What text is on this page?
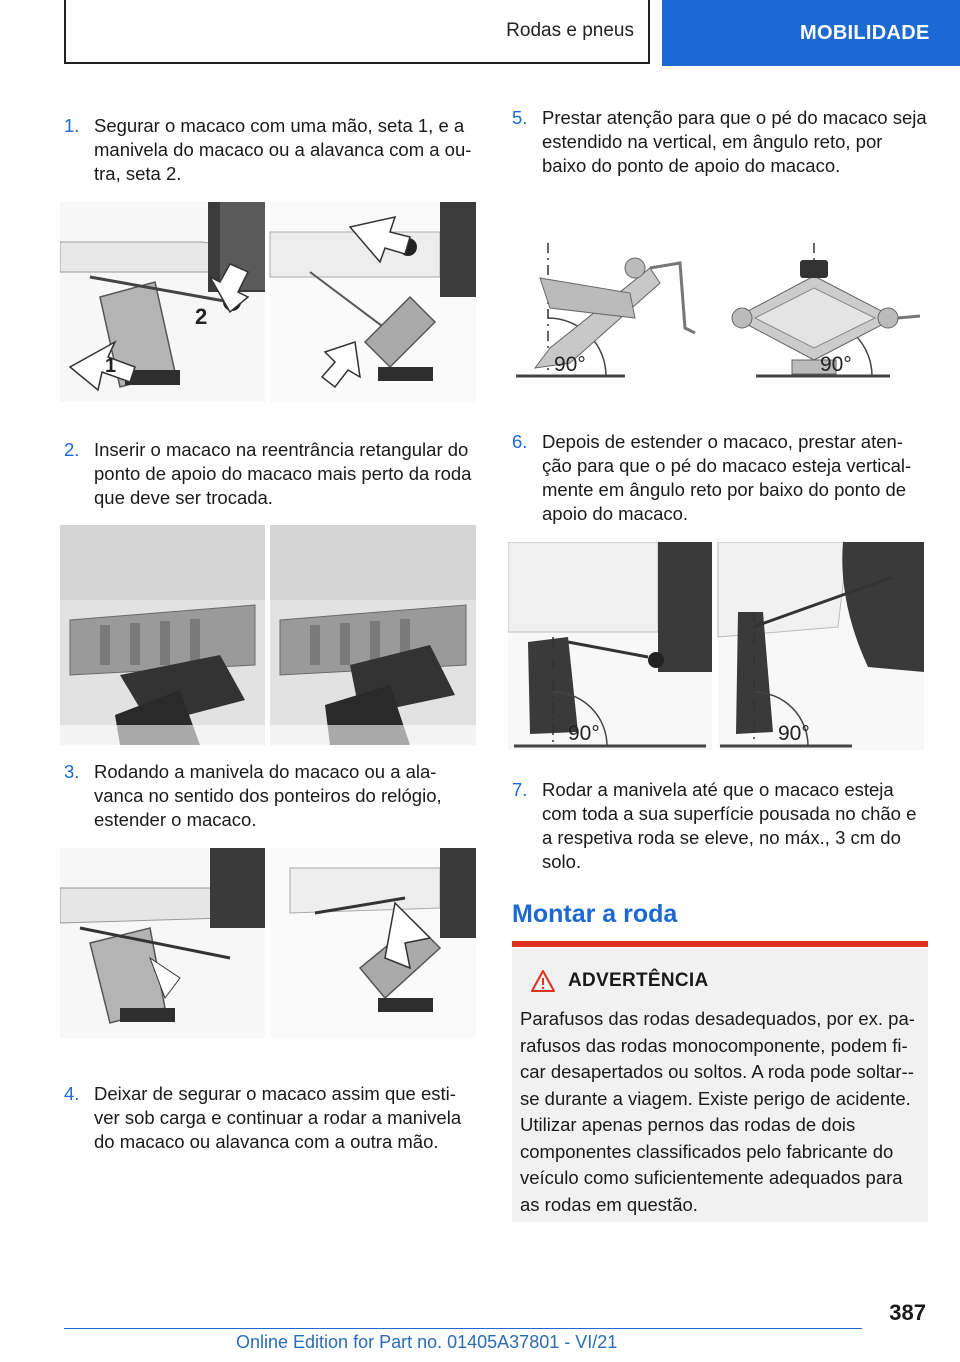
Rodas e pneus	MOBILIDADE
1. Segurar o macaco com uma mão, seta 1, e a manivela do macaco ou a alavanca com a ou-tra, seta 2.
1
2
2. Inserir o macaco na reentrância retangular do ponto de apoio do macaco mais perto da roda que deve ser trocada.
3. Rodando a manivela do macaco ou a ala-vanca no sentido dos ponteiros do relógio, estender o macaco.
4. Deixar de segurar o macaco assim que esti-ver sob carga e continuar a rodar a manivela do macaco ou alavanca com a outra mão.
5. Prestar atenção para que o pé do macaco seja estendido na vertical, em ângulo reto, por baixo do ponto de apoio do macaco.
90°	90°
6. Depois de estender o macaco, prestar aten-ção para que o pé do macaco esteja vertical-mente em ângulo reto por baixo do ponto de apoio do macaco.
90°	90°
7. Rodar a manivela até que o macaco esteja com toda a sua superfície pousada no chão e a respetiva roda se eleve, no máx., 3 cm do solo.
Montar a roda
ADVERTÊNCIA
Parafusos das rodas desadequados, por ex. pa-rafusos das rodas monocomponente, podem fi-car desapertados ou soltos. A roda pode soltar--se durante a viagem. Existe perigo de acidente. Utilizar apenas pernos das rodas de dois componentes classificados pelo fabricante do veículo como suficientemente adequados para as rodas em questão.
387
Online Edition for Part no. 01405A37801 - VI/21
